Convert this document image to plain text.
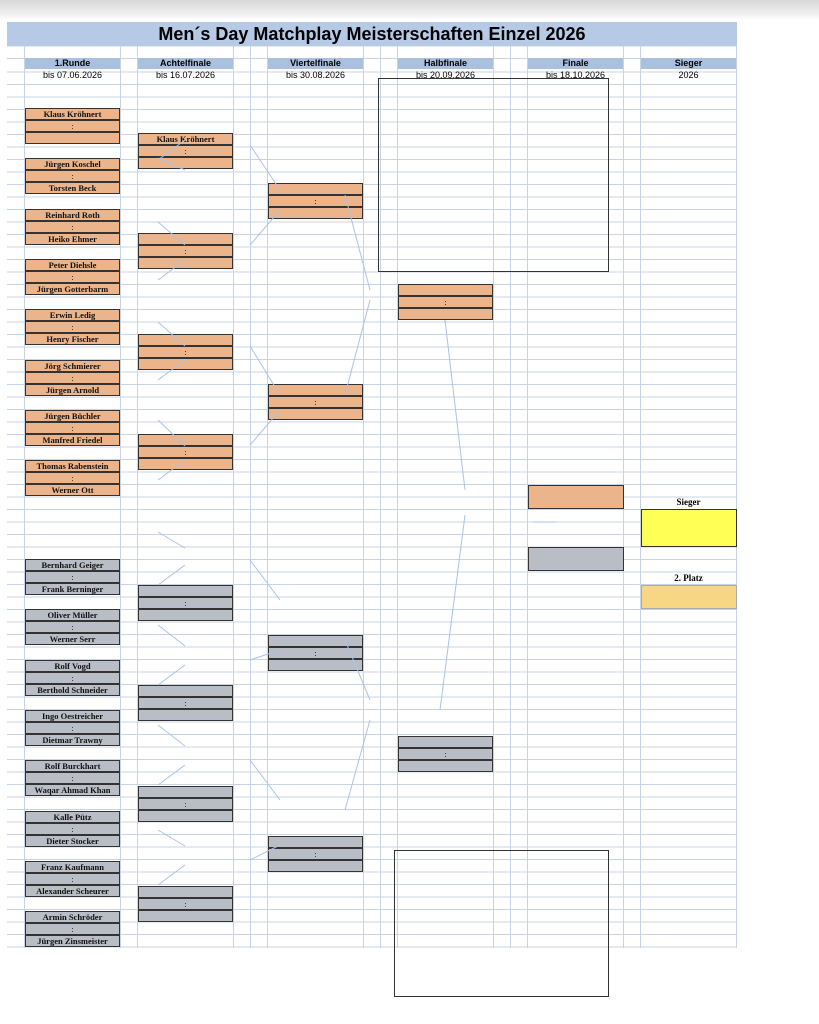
Men´s Day Matchplay Meisterschaften Einzel 2026
1.Runde
bis 07.06.2026
Achtelfinale
bis 16.07.2026
Viertelfinale
bis 30.08.2026
Halbfinale
bis 20.09.2026
Finale
bis 18.10.2026
Sieger
2026
Klaus Kröhnert
:
Jürgen Koschel
:
Torsten Beck
Reinhard Roth
:
Heiko Ehmer
Peter Diehsle
:
Jürgen Gotterbarm
Erwin Ledig
:
Henry Fischer
Jörg Schmierer
:
Jürgen Arnold
Jürgen Büchler
:
Manfred Friedel
Thomas Rabenstein
:
Werner Ott
Bernhard Geiger
:
Frank Berninger
Oliver Müller
:
Werner Serr
Rolf Vogd
:
Berthold Schneider
Ingo Oestreicher
:
Dietmar Trawny
Rolf Burckhart
:
Waqar Ahmad Khan
Kalle Pütz
:
Dieter Stocker
Franz Kaufmann
:
Alexander Scheurer
Armin Schröder
:
Jürgen Zinsmeister
Klaus Kröhnert
:
:
:
:
:
:
:
:
:
:
:
:
:
:
Sieger
2. Platz
